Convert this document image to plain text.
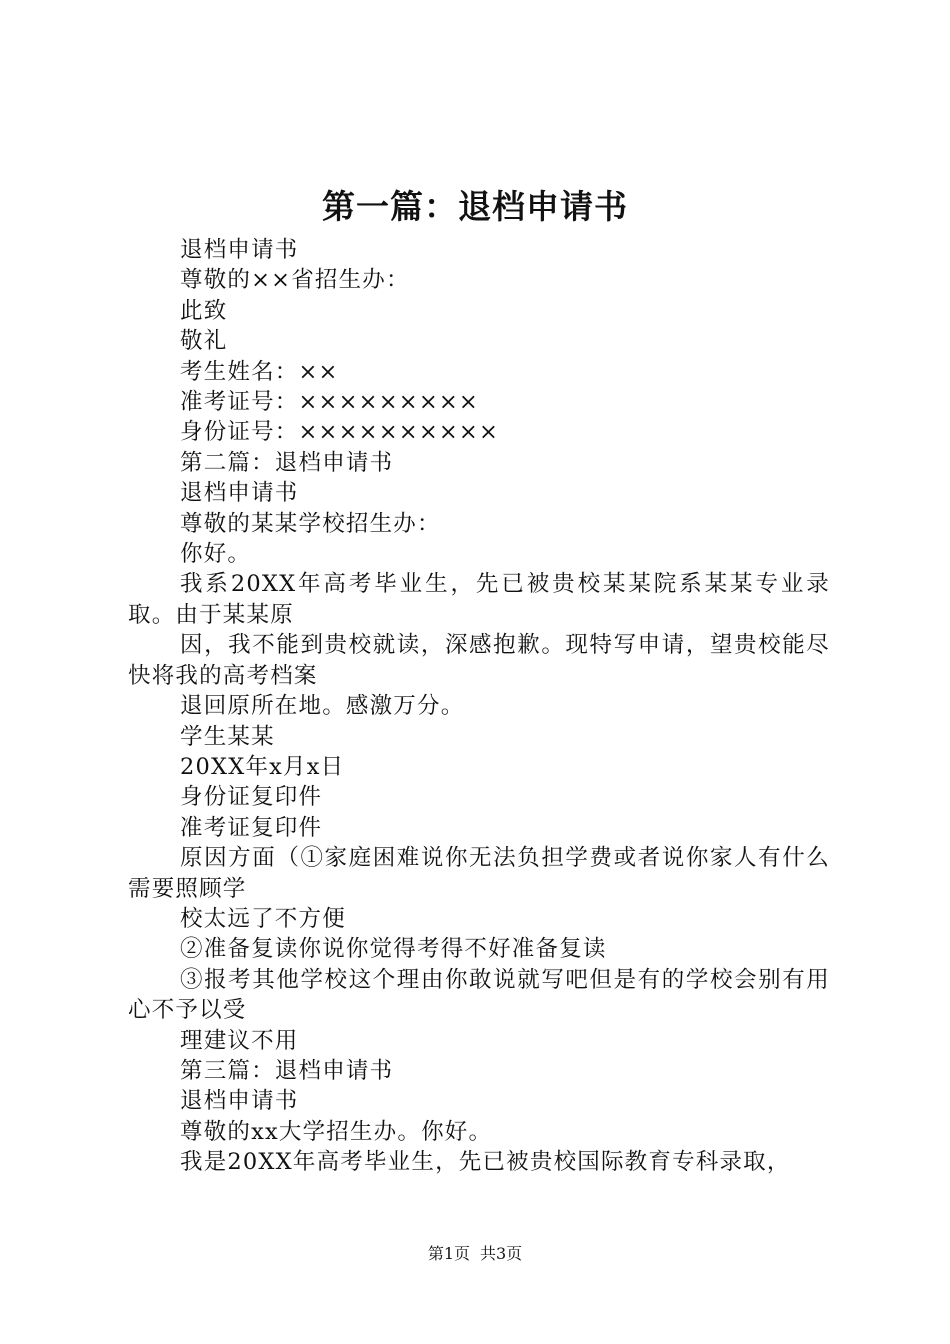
第一篇：退档申请书

退档申请书

尊敬的××省招生办：

此致

敬礼

考生姓名：××

准考证号：×××××××××

身份证号：××××××××××

第二篇：退档申请书

退档申请书

尊敬的某某学校招生办：

你好。

我系20XX年高考毕业生，先已被贵校某某院系某某专业录取。由于某某原

因，我不能到贵校就读，深感抱歉。现特写申请，望贵校能尽快将我的高考档案

退回原所在地。感激万分。

学生某某

20XX年x月x日

身份证复印件

准考证复印件

原因方面（①家庭困难说你无法负担学费或者说你家人有什么需要照顾学

校太远了不方便

②准备复读你说你觉得考得不好准备复读

③报考其他学校这个理由你敢说就写吧但是有的学校会别有用心不予以受

理建议不用

第三篇：退档申请书

退档申请书

尊敬的xx大学招生办。你好。

我是20XX年高考毕业生，先已被贵校国际教育专科录取，

第1页 共3页
